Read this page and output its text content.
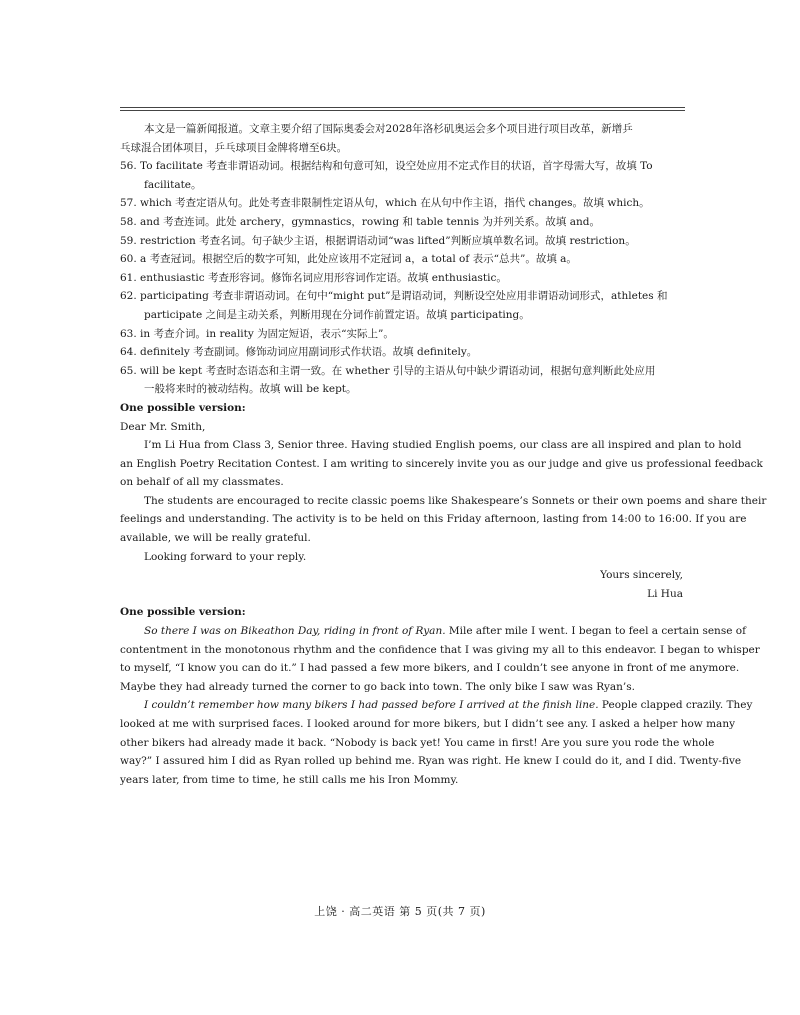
本文是一篇新闻报道。文章主要介绍了国际奥委会对2028年洛杉矶奥运会多个项目进行项目改革，新增乒
乓球混合团体项目，乒乓球项目金牌将增至6块。
56. To facilitate 考查非谓语动词。根据结构和句意可知，设空处应用不定式作目的状语，首字母需大写，故填 To
facilitate。
57. which 考查定语从句。此处考查非限制性定语从句，which 在从句中作主语，指代 changes。故填 which。
58. and 考查连词。此处 archery，gymnastics，rowing 和 table tennis 为并列关系。故填 and。
59. restriction 考查名词。句子缺少主语，根据谓语动词“was lifted”判断应填单数名词。故填 restriction。
60. a 考查冠词。根据空后的数字可知，此处应该用不定冠词 a，a total of 表示“总共”。故填 a。
61. enthusiastic 考查形容词。修饰名词应用形容词作定语。故填 enthusiastic。
62. participating 考查非谓语动词。在句中“might put”是谓语动词，判断设空处应用非谓语动词形式，athletes 和
participate 之间是主动关系，判断用现在分词作前置定语。故填 participating。
63. in 考查介词。in reality 为固定短语，表示“实际上”。
64. definitely 考查副词。修饰动词应用副词形式作状语。故填 definitely。
65. will be kept 考查时态语态和主谓一致。在 whether 引导的主语从句中缺少谓语动词，根据句意判断此处应用
一般将来时的被动结构。故填 will be kept。
One possible version:
Dear Mr. Smith,
I’m Li Hua from Class 3, Senior three. Having studied English poems, our class are all inspired and plan to hold
an English Poetry Recitation Contest. I am writing to sincerely invite you as our judge and give us professional feedback
on behalf of all my classmates.
The students are encouraged to recite classic poems like Shakespeare’s Sonnets or their own poems and share their
feelings and understanding. The activity is to be held on this Friday afternoon, lasting from 14:00 to 16:00. If you are
available, we will be really grateful.
Looking forward to your reply.
Yours sincerely,
Li Hua
One possible version:
So there I was on Bikeathon Day, riding in front of Ryan. Mile after mile I went. I began to feel a certain sense of
contentment in the monotonous rhythm and the confidence that I was giving my all to this endeavor. I began to whisper
to myself, “I know you can do it.” I had passed a few more bikers, and I couldn’t see anyone in front of me anymore.
Maybe they had already turned the corner to go back into town. The only bike I saw was Ryan’s.
I couldn’t remember how many bikers I had passed before I arrived at the finish line. People clapped crazily. They
looked at me with surprised faces. I looked around for more bikers, but I didn’t see any. I asked a helper how many
other bikers had already made it back. “Nobody is back yet! You came in first! Are you sure you rode the whole
way?” I assured him I did as Ryan rolled up behind me. Ryan was right. He knew I could do it, and I did. Twenty-five
years later, from time to time, he still calls me his Iron Mommy.
上饶 · 高二英语 第 5 页(共 7 页)
